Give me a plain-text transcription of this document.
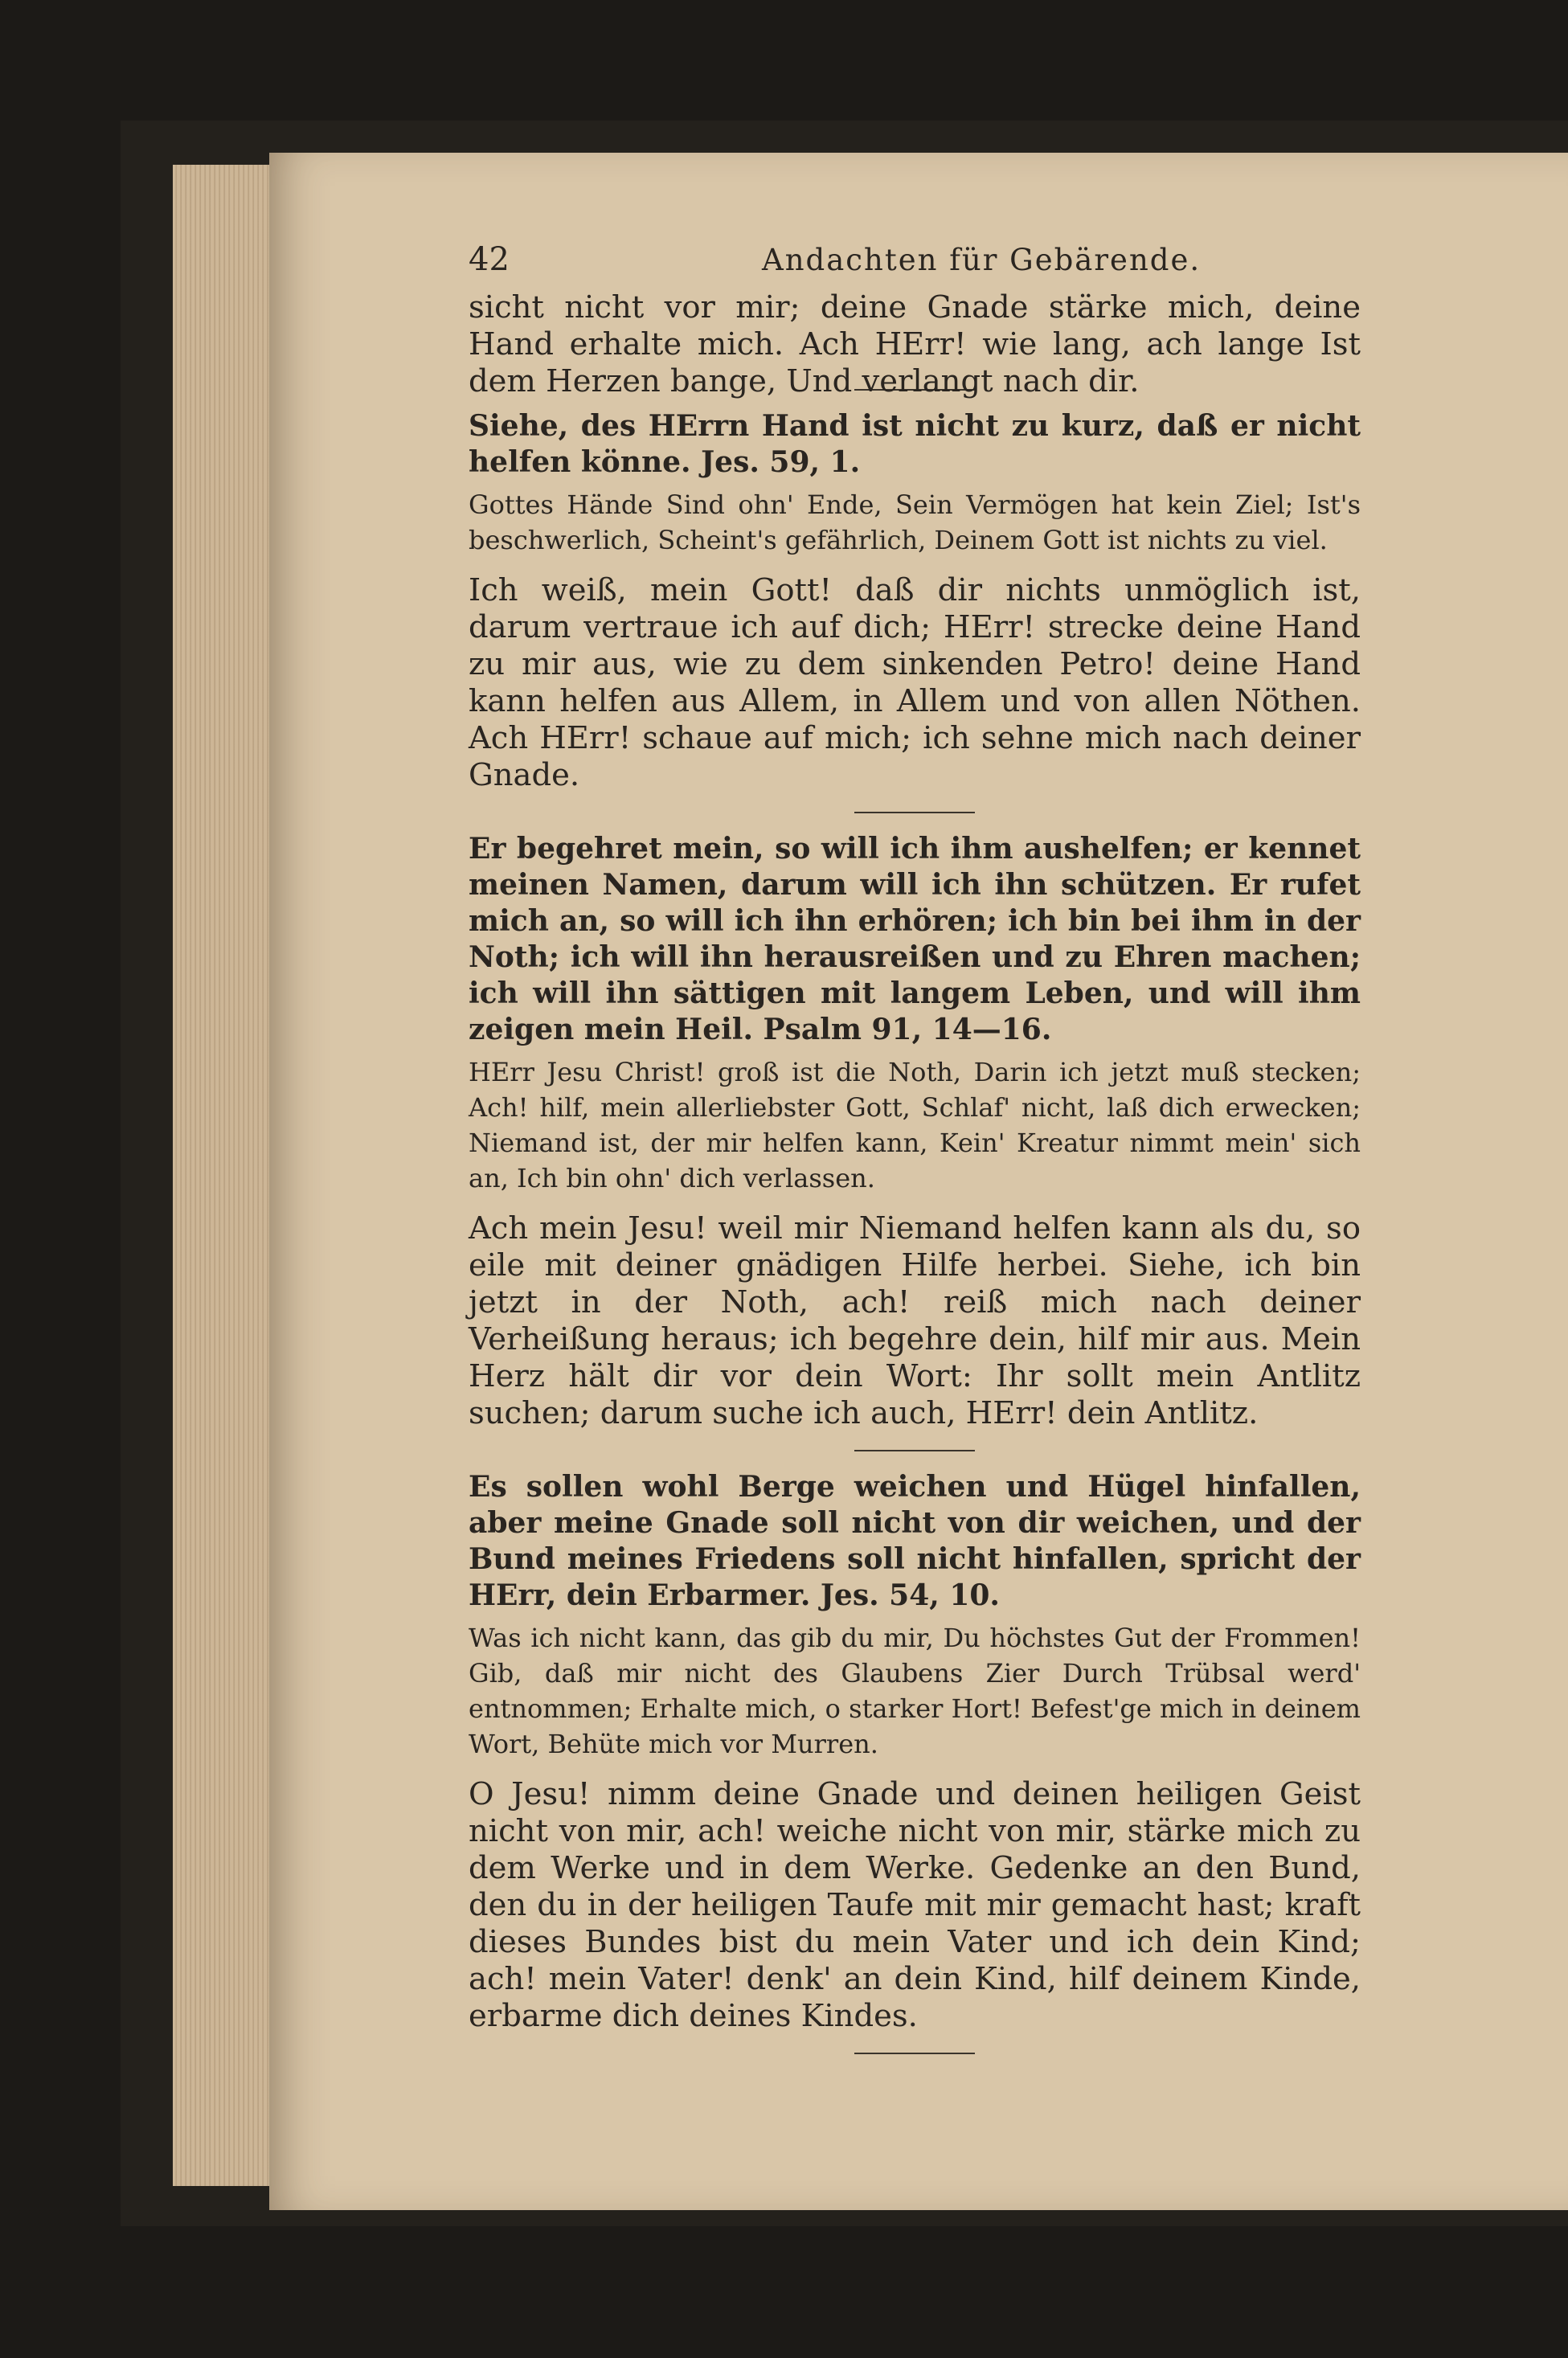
42	Andachten für Gebärende.

sicht nicht vor mir; deine Gnade stärke mich, deine Hand erhalte mich. Ach HErr! wie lang, ach lange Ist dem Herzen bange, Und verlangt nach dir.

Siehe, des HErrn Hand ist nicht zu kurz, daß er nicht helfen könne. Jes. 59, 1.

Gottes Hände Sind ohn' Ende, Sein Vermögen hat kein Ziel; Ist's beschwerlich, Scheint's gefährlich, Deinem Gott ist nichts zu viel.

Ich weiß, mein Gott! daß dir nichts unmöglich ist, darum vertraue ich auf dich; HErr! strecke deine Hand zu mir aus, wie zu dem sinkenden Petro! deine Hand kann helfen aus Allem, in Allem und von allen Nöthen. Ach HErr! schaue auf mich; ich sehne mich nach deiner Gnade.

Er begehret mein, so will ich ihm aushelfen; er kennet meinen Namen, darum will ich ihn schützen. Er rufet mich an, so will ich ihn erhören; ich bin bei ihm in der Noth; ich will ihn herausreißen und zu Ehren machen; ich will ihn sättigen mit langem Leben, und will ihm zeigen mein Heil. Psalm 91, 14—16.

HErr Jesu Christ! groß ist die Noth, Darin ich jetzt muß stecken; Ach! hilf, mein allerliebster Gott, Schlaf' nicht, laß dich erwecken; Niemand ist, der mir helfen kann, Kein' Kreatur nimmt mein' sich an, Ich bin ohn' dich verlassen.

Ach mein Jesu! weil mir Niemand helfen kann als du, so eile mit deiner gnädigen Hilfe herbei. Siehe, ich bin jetzt in der Noth, ach! reiß mich nach deiner Verheißung heraus; ich begehre dein, hilf mir aus. Mein Herz hält dir vor dein Wort: Ihr sollt mein Antlitz suchen; darum suche ich auch, HErr! dein Antlitz.

Es sollen wohl Berge weichen und Hügel hinfallen, aber meine Gnade soll nicht von dir weichen, und der Bund meines Friedens soll nicht hinfallen, spricht der HErr, dein Erbarmer. Jes. 54, 10.

Was ich nicht kann, das gib du mir, Du höchstes Gut der Frommen! Gib, daß mir nicht des Glaubens Zier Durch Trübsal werd' entnommen; Erhalte mich, o starker Hort! Befest'ge mich in deinem Wort, Behüte mich vor Murren.

O Jesu! nimm deine Gnade und deinen heiligen Geist nicht von mir, ach! weiche nicht von mir, stärke mich zu dem Werke und in dem Werke. Gedenke an den Bund, den du in der heiligen Taufe mit mir gemacht hast; kraft dieses Bundes bist du mein Vater und ich dein Kind; ach! mein Vater! denk' an dein Kind, hilf deinem Kinde, erbarme dich deines Kindes.
